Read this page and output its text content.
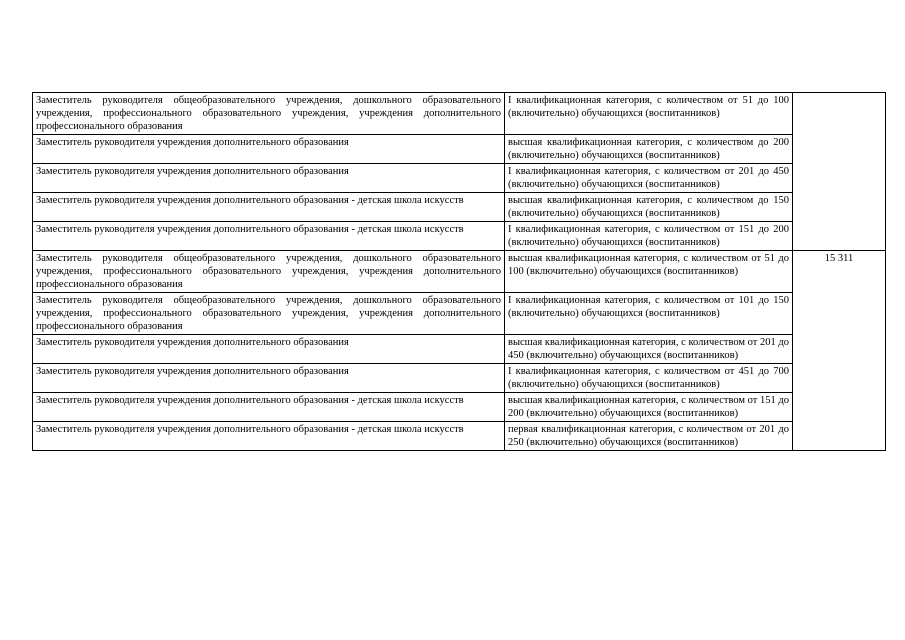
Заместитель руководителя общеобразовательного учреждения, дошкольного образовательного учреждения, профессионального образовательного учреждения, учреждения дополнительного профессионального образования	I квалификационная категория, с количеством от 51 до 100 (включительно) обучающихся (воспитанников)	
Заместитель руководителя учреждения дополнительного образования	высшая квалификационная категория, с количеством до 200 (включительно) обучающихся (воспитанников)	
Заместитель руководителя учреждения дополнительного образования	I квалификационная категория, с количеством от 201 до 450 (включительно) обучающихся (воспитанников)	
Заместитель руководителя учреждения дополнительного образования - детская школа искусств	высшая квалификационная категория, с количеством до 150 (включительно) обучающихся (воспитанников)	
Заместитель руководителя учреждения дополнительного образования - детская школа искусств	I квалификационная категория, с количеством от 151 до 200 (включительно) обучающихся (воспитанников)	
Заместитель руководителя общеобразовательного учреждения, дошкольного образовательного учреждения, профессионального образовательного учреждения, учреждения дополнительного профессионального образования	высшая квалификационная категория, с количеством от 51 до 100 (включительно) обучающихся (воспитанников)	15 311
Заместитель руководителя общеобразовательного учреждения, дошкольного образовательного учреждения, профессионального образовательного учреждения, учреждения дополнительного профессионального образования	I квалификационная категория, с количеством от 101 до 150 (включительно) обучающихся (воспитанников)	
Заместитель руководителя учреждения дополнительного образования	высшая квалификационная категория, с количеством от 201 до 450 (включительно) обучающихся (воспитанников)	
Заместитель руководителя учреждения дополнительного образования	I квалификационная категория, с количеством от 451 до 700 (включительно) обучающихся (воспитанников)	
Заместитель руководителя учреждения дополнительного образования - детская школа искусств	высшая квалификационная категория, с количеством от 151 до 200 (включительно) обучающихся (воспитанников)	
Заместитель руководителя учреждения дополнительного образования - детская школа искусств	первая квалификационная категория, с количеством от 201 до 250 (включительно) обучающихся (воспитанников)	
